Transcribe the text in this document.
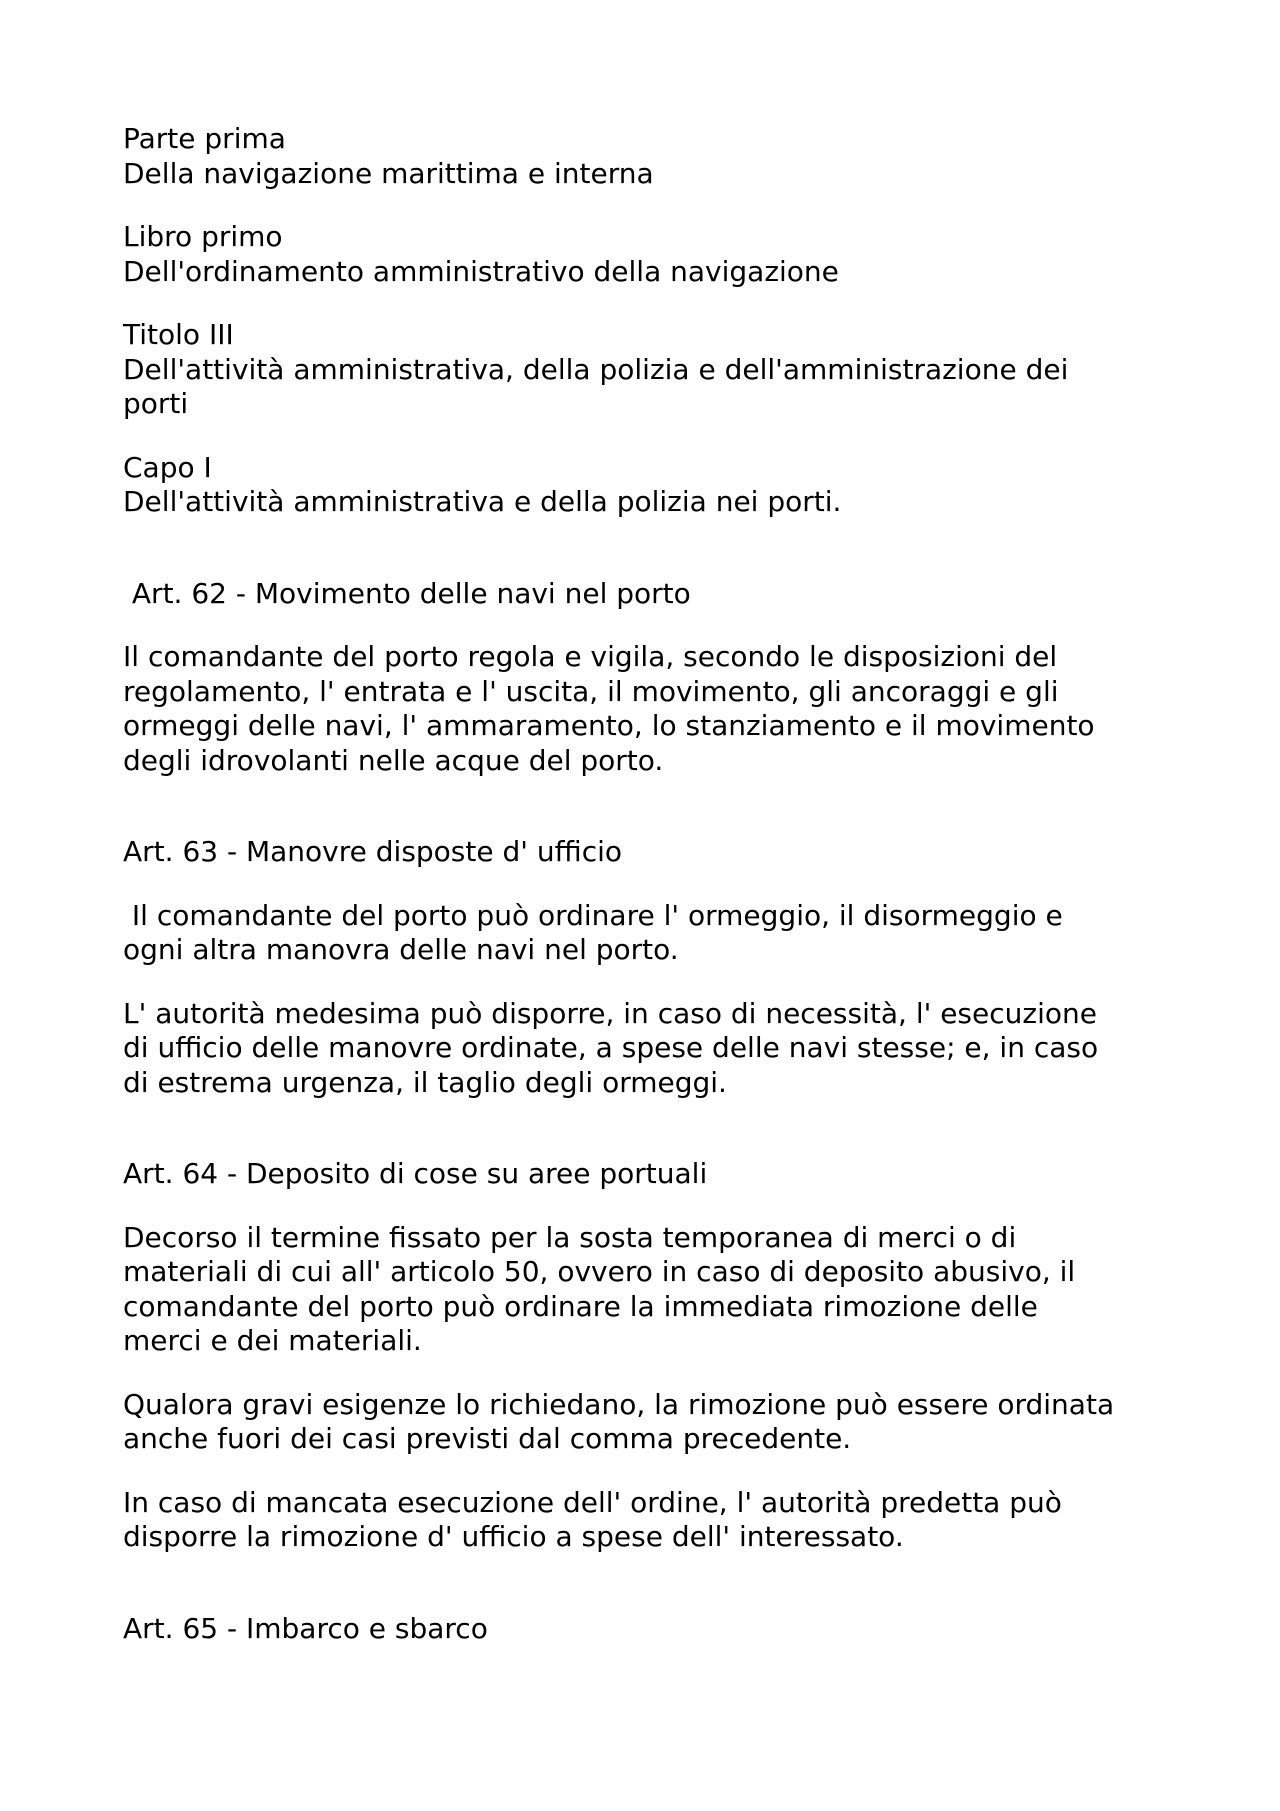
Parte prima
Della navigazione marittima e interna
Libro primo
Dell'ordinamento amministrativo della navigazione
Titolo III
Dell'attività amministrativa, della polizia e dell'amministrazione dei
porti
Capo I
Dell'attività amministrativa e della polizia nei porti.
Art. 62 - Movimento delle navi nel porto
Il comandante del porto regola e vigila, secondo le disposizioni del
regolamento, l' entrata e l' uscita, il movimento, gli ancoraggi e gli
ormeggi delle navi, l' ammaramento, lo stanziamento e il movimento
degli idrovolanti nelle acque del porto.
Art. 63 - Manovre disposte d' ufficio
Il comandante del porto può ordinare l' ormeggio, il disormeggio e
ogni altra manovra delle navi nel porto.
L' autorità medesima può disporre, in caso di necessità, l' esecuzione
di ufficio delle manovre ordinate, a spese delle navi stesse; e, in caso
di estrema urgenza, il taglio degli ormeggi.
Art. 64 - Deposito di cose su aree portuali
Decorso il termine fissato per la sosta temporanea di merci o di
materiali di cui all' articolo 50, ovvero in caso di deposito abusivo, il
comandante del porto può ordinare la immediata rimozione delle
merci e dei materiali.
Qualora gravi esigenze lo richiedano, la rimozione può essere ordinata
anche fuori dei casi previsti dal comma precedente.
In caso di mancata esecuzione dell' ordine, l' autorità predetta può
disporre la rimozione d' ufficio a spese dell' interessato.
Art. 65 - Imbarco e sbarco
